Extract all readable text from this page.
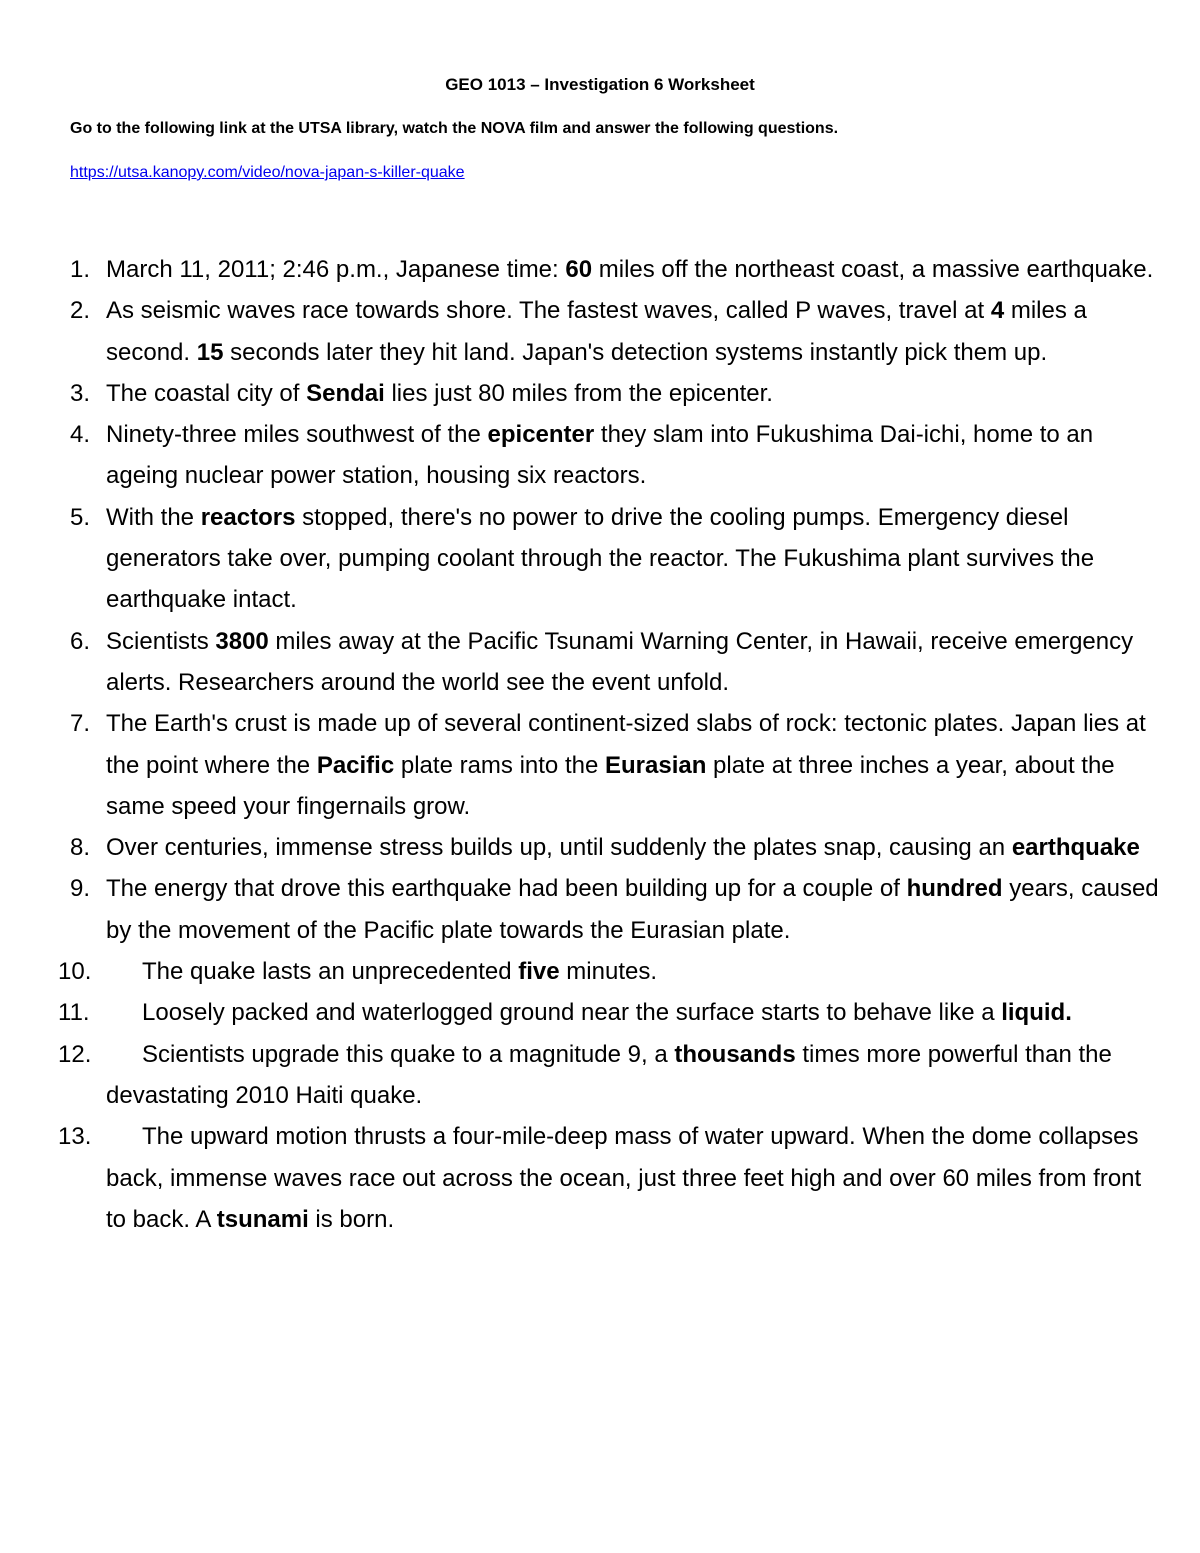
GEO 1013 – Investigation 6 Worksheet
Go to the following link at the UTSA library, watch the NOVA film and answer the following questions.
https://utsa.kanopy.com/video/nova-japan-s-killer-quake
1. March 11, 2011; 2:46 p.m., Japanese time: 60 miles off the northeast coast, a massive earthquake.
2. As seismic waves race towards shore. The fastest waves, called P waves, travel at 4 miles a second. 15 seconds later they hit land. Japan's detection systems instantly pick them up.
3. The coastal city of Sendai lies just 80 miles from the epicenter.
4. Ninety-three miles southwest of the epicenter they slam into Fukushima Dai-ichi, home to an ageing nuclear power station, housing six reactors.
5. With the reactors stopped, there's no power to drive the cooling pumps. Emergency diesel generators take over, pumping coolant through the reactor. The Fukushima plant survives the earthquake intact.
6. Scientists 3800 miles away at the Pacific Tsunami Warning Center, in Hawaii, receive emergency alerts. Researchers around the world see the event unfold.
7. The Earth's crust is made up of several continent-sized slabs of rock: tectonic plates. Japan lies at the point where the Pacific plate rams into the Eurasian plate at three inches a year, about the same speed your fingernails grow.
8. Over centuries, immense stress builds up, until suddenly the plates snap, causing an earthquake
9. The energy that drove this earthquake had been building up for a couple of hundred years, caused by the movement of the Pacific plate towards the Eurasian plate.
10.	The quake lasts an unprecedented five minutes.
11.	Loosely packed and waterlogged ground near the surface starts to behave like a liquid.
12.	Scientists upgrade this quake to a magnitude 9, a thousands times more powerful than the devastating 2010 Haiti quake.
13.	The upward motion thrusts a four-mile-deep mass of water upward. When the dome collapses back, immense waves race out across the ocean, just three feet high and over 60 miles from front to back. A tsunami is born.
